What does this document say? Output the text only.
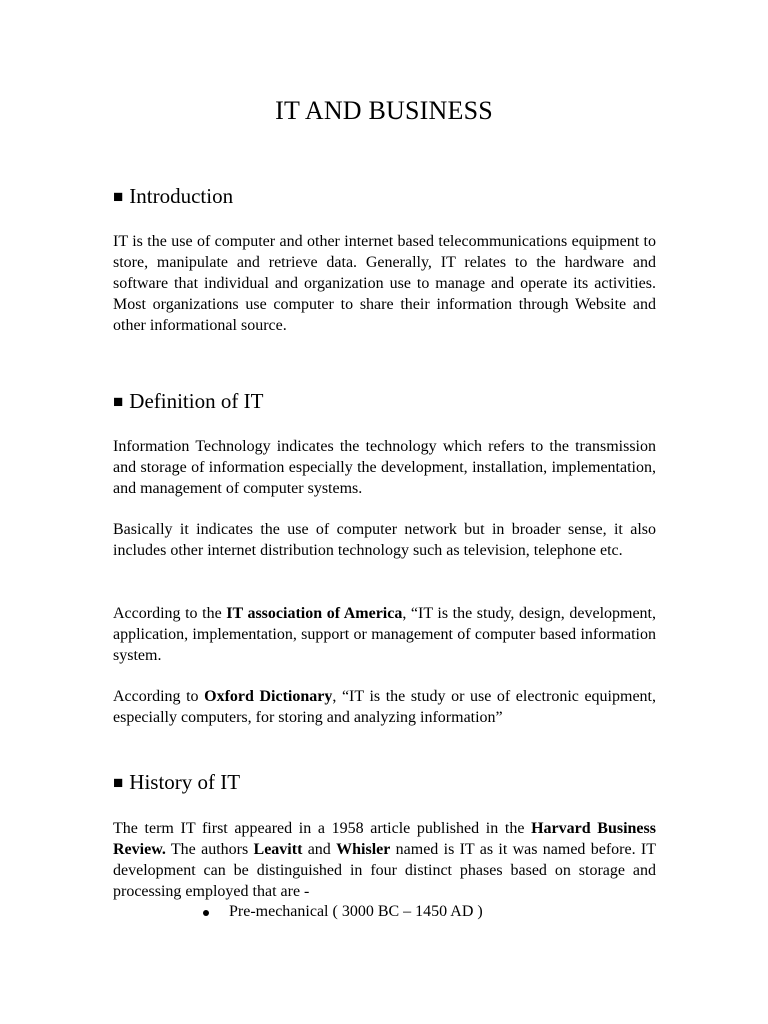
IT AND BUSINESS
■ Introduction

IT is the use of computer and other internet based telecommunications equipment to store, manipulate and retrieve data. Generally, IT relates to the hardware and software that individual and organization use to manage and operate its activities. Most organizations use computer to share their information through Website and other informational source.

■ Definition of IT

Information Technology indicates the technology which refers to the transmission and storage of information especially the development, installation, implementation, and management of computer systems.

Basically it indicates the use of computer network but in broader sense, it also includes other internet distribution technology such as television, telephone etc.

According to the IT association of America, “IT is the study, design, development, application, implementation, support or management of computer based information system.

According to Oxford Dictionary, “IT is the study or use of electronic equipment, especially computers, for storing and analyzing information”

■ History of IT

The term IT first appeared in a 1958 article published in the Harvard Business Review. The authors Leavitt and Whisler named is IT as it was named before. IT development can be distinguished in four distinct phases based on storage and processing employed that are -

Pre-mechanical ( 3000 BC – 1450 AD )
